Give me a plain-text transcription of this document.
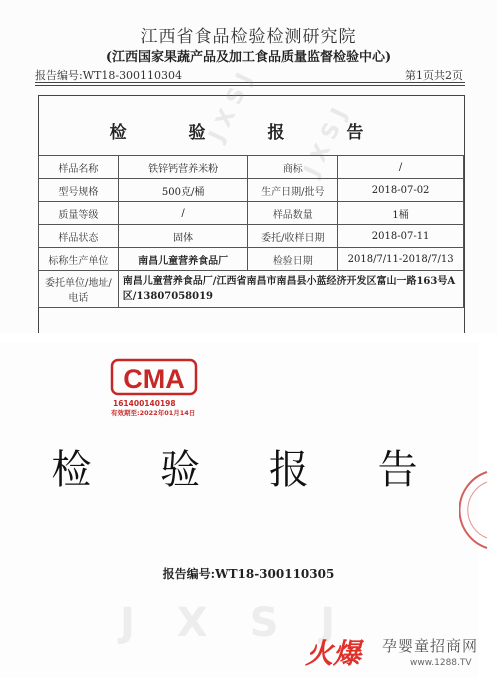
江西省食品检验检测研究院
(江西国家果蔬产品及加工食品质量监督检验中心)
报告编号:WT18-300110304	第1页共2页
J X S J J X S J
检 验 报 告
样品名称	铁锌钙营养米粉	商标	/
型号规格	500克/桶	生产日期/批号	2018-07-02
质量等级	/	样品数量	1桶
样品状态	固体	委托/收样日期	2018-07-11
标称生产单位	南昌儿童营养食品厂	检验日期	2018/7/11-2018/7/13
委托单位/地址/电话	南昌儿童营养食品厂/江西省南昌市南昌县小蓝经济开发区富山一路163号A区/13807058019		
CMA
161400140198
有效期至:2022年01月14日
检 验 报 告
报告编号:WT18-300110305
J X S J
火爆 孕婴童招商网
www.1288.TV
